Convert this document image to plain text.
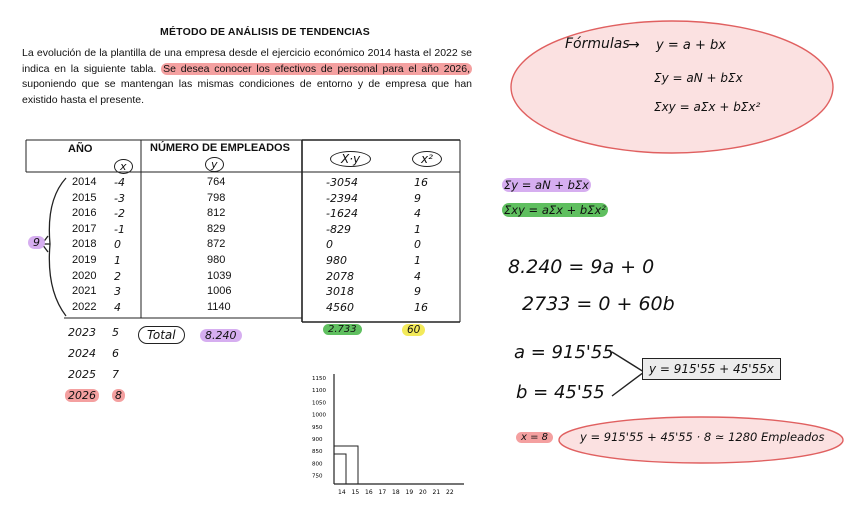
MÉTODO DE ANÁLISIS DE TENDENCIAS
La evolución de la plantilla de una empresa desde el ejercicio económico 2014 hasta el 2022 se indica en la siguiente tabla. Se desea conocer los efectivos de personal para el año 2026, suponiendo que se mantengan las mismas condiciones de entorno y de empresa que han existido hasta el presente.
AÑO	NÚMERO DE EMPLEADOS
x	y	X·y	x²
2014 -4	764	-3054	16
2015 -3	798	-2394	9
2016 -2	812	-1624	4
2017 -1	829	-829	1
2018 0	872	0	0
2019 1	980	980	1
2020 2	1039	2078	4
2021 3	1006	3018	9
2022 4	1140	4560	16
9
Total	8.240	2.733	60
2023 5
2024 6
2025 7
2026 8
Fórmulas
→ y = a + bx
Σy = aN + bΣx
Σxy = aΣx + bΣx²
Σy = aN + bΣx
Σxy = aΣx + bΣx²
8.240 = 9a + 0
2733 = 0 + 60b
a = 915'55
b = 45'55
y = 915'55 + 45'55x
x = 8	y = 915'55 + 45'55 · 8 ≃ 1280 Empleados
1150
1100
1050
1000
950
900
850
800
750
14 15 16 17 18 19 20 21 22
